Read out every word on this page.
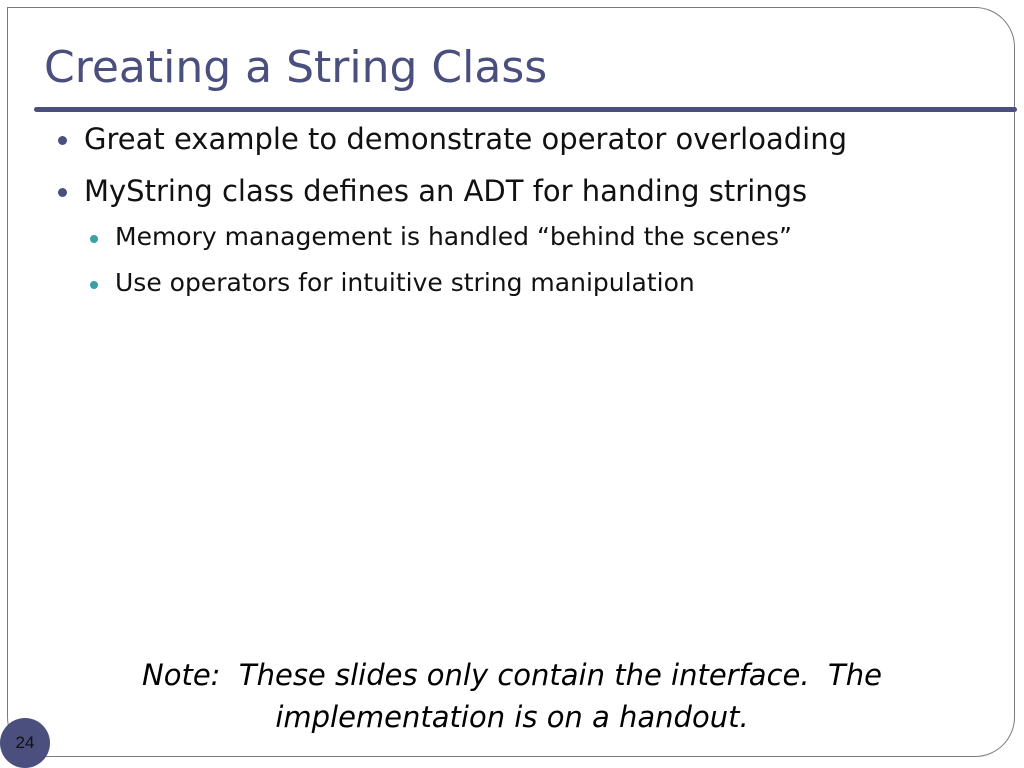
Creating a String Class
Great example to demonstrate operator overloading
MyString class defines an ADT for handing strings
Memory management is handled “behind the scenes”
Use operators for intuitive string manipulation

Note:  These slides only contain the interface.  The
implementation is on a handout.

24
